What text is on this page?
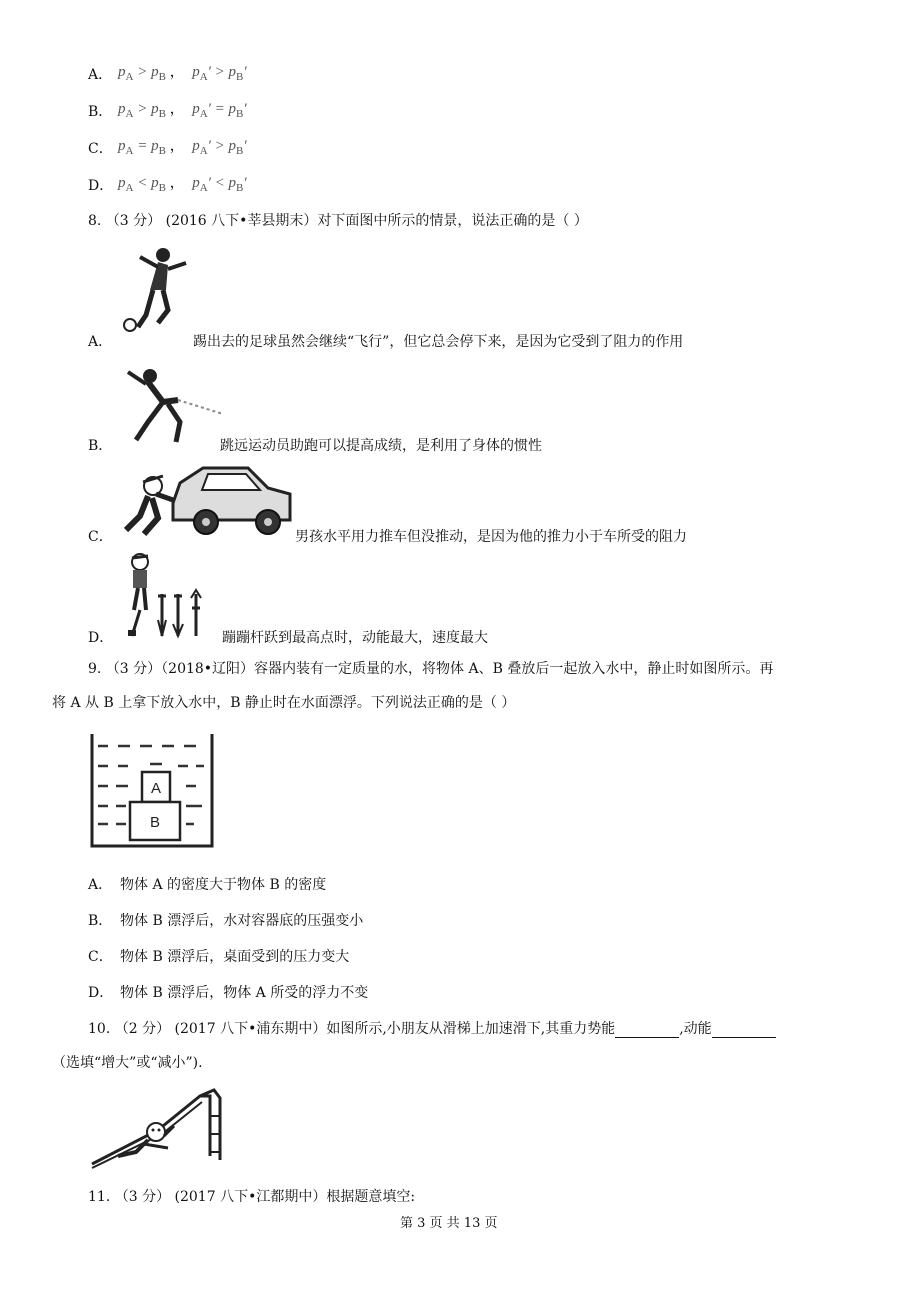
A． $p_A > p_B$ ， $p_A' > p_B'$
B． $p_A > p_B$ ， $p_A' = p_B'$
C． $p_A = p_B$ ， $p_A' > p_B'$
D． $p_A < p_B$ ， $p_A' < p_B'$
8. （3 分） (2016 八下•莘县期末）对下面图中所示的情景，说法正确的是（ ）
A．	踢出去的足球虽然会继续“飞行”，但它总会停下来，是因为它受到了阻力的作用
B．	跳远运动员助跑可以提高成绩，是利用了身体的惯性
C．	男孩水平用力推车但没推动，是因为他的推力小于车所受的阻力
D．	蹦蹦杆跃到最高点时，动能最大，速度最大
9. （3 分）（2018•辽阳）容器内装有一定质量的水，将物体 A、B 叠放后一起放入水中，静止时如图所示。再
将 A 从 B 上拿下放入水中，B 静止时在水面漂浮。下列说法正确的是（ ）
A
B
A． 物体 A 的密度大于物体 B 的密度
B． 物体 B 漂浮后，水对容器底的压强变小
C． 物体 B 漂浮后，桌面受到的压力变大
D． 物体 B 漂浮后，物体 A 所受的浮力不变
10. （2 分） (2017 八下•浦东期中）如图所示,小朋友从滑梯上加速滑下,其重力势能	,动能
（选填“增大”或“减小”).
11. （3 分） (2017 八下•江都期中）根据题意填空:
第 3 页 共 13 页
